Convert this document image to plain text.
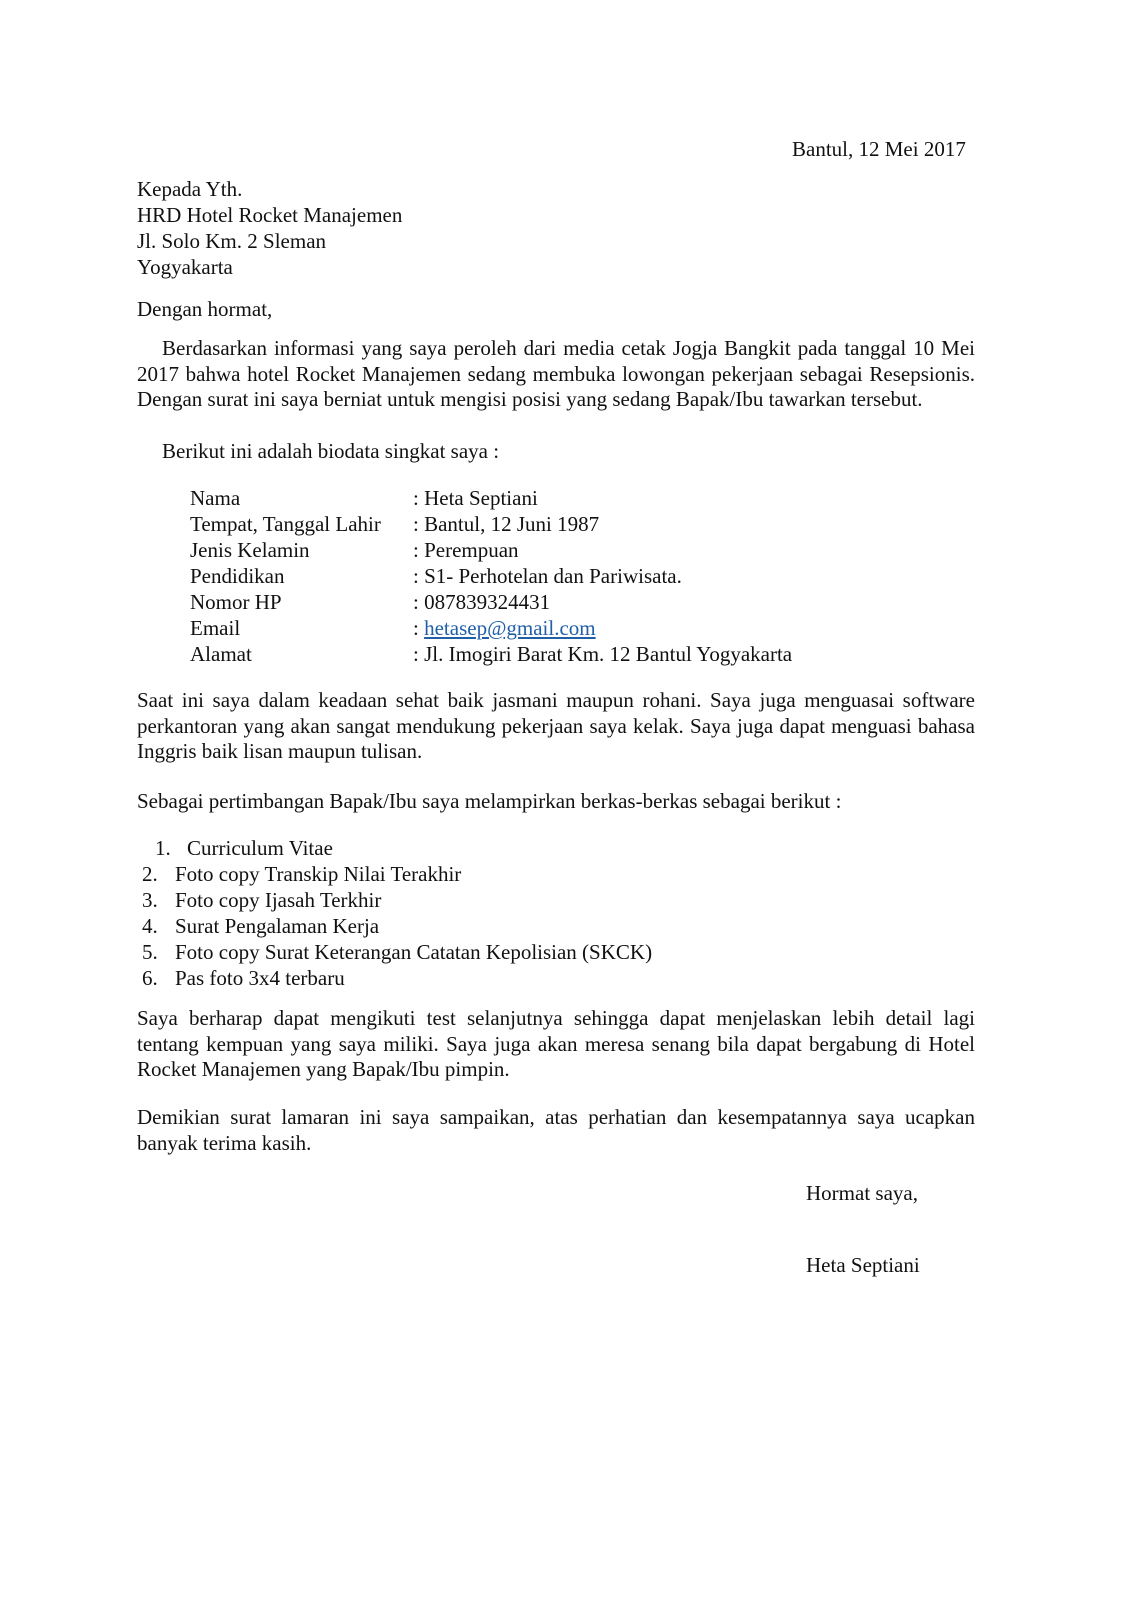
Bantul, 12 Mei 2017
Kepada Yth.
HRD Hotel Rocket Manajemen
Jl. Solo Km. 2 Sleman
Yogyakarta
Dengan hormat,
Berdasarkan informasi yang saya peroleh dari media cetak Jogja Bangkit pada tanggal 10 Mei 2017 bahwa hotel Rocket Manajemen sedang membuka lowongan pekerjaan sebagai Resepsionis. Dengan surat ini saya berniat untuk mengisi posisi yang sedang Bapak/Ibu tawarkan tersebut.
Berikut ini adalah biodata singkat saya :
Nama	: Heta Septiani
Tempat, Tanggal Lahir : Bantul, 12 Juni 1987
Jenis Kelamin	: Perempuan
Pendidikan	: S1- Perhotelan dan Pariwisata.
Nomor HP	: 087839324431
Email	: hetasep@gmail.com
Alamat	: Jl. Imogiri Barat Km. 12 Bantul Yogyakarta
Saat ini saya dalam keadaan sehat baik jasmani maupun rohani. Saya juga menguasai software perkantoran yang akan sangat mendukung pekerjaan saya kelak. Saya juga dapat menguasi bahasa Inggris baik lisan maupun tulisan.
Sebagai pertimbangan Bapak/Ibu saya melampirkan berkas-berkas sebagai berikut :
1. Curriculum Vitae
2. Foto copy Transkip Nilai Terakhir
3. Foto copy Ijasah Terkhir
4. Surat Pengalaman Kerja
5. Foto copy Surat Keterangan Catatan Kepolisian (SKCK)
6. Pas foto 3x4 terbaru
Saya berharap dapat mengikuti test selanjutnya sehingga dapat menjelaskan lebih detail lagi tentang kempuan yang saya miliki. Saya juga akan meresa senang bila dapat bergabung di Hotel Rocket Manajemen yang Bapak/Ibu pimpin.
Demikian surat lamaran ini saya sampaikan, atas perhatian dan kesempatannya saya ucapkan banyak terima kasih.
Hormat saya,
Heta Septiani
